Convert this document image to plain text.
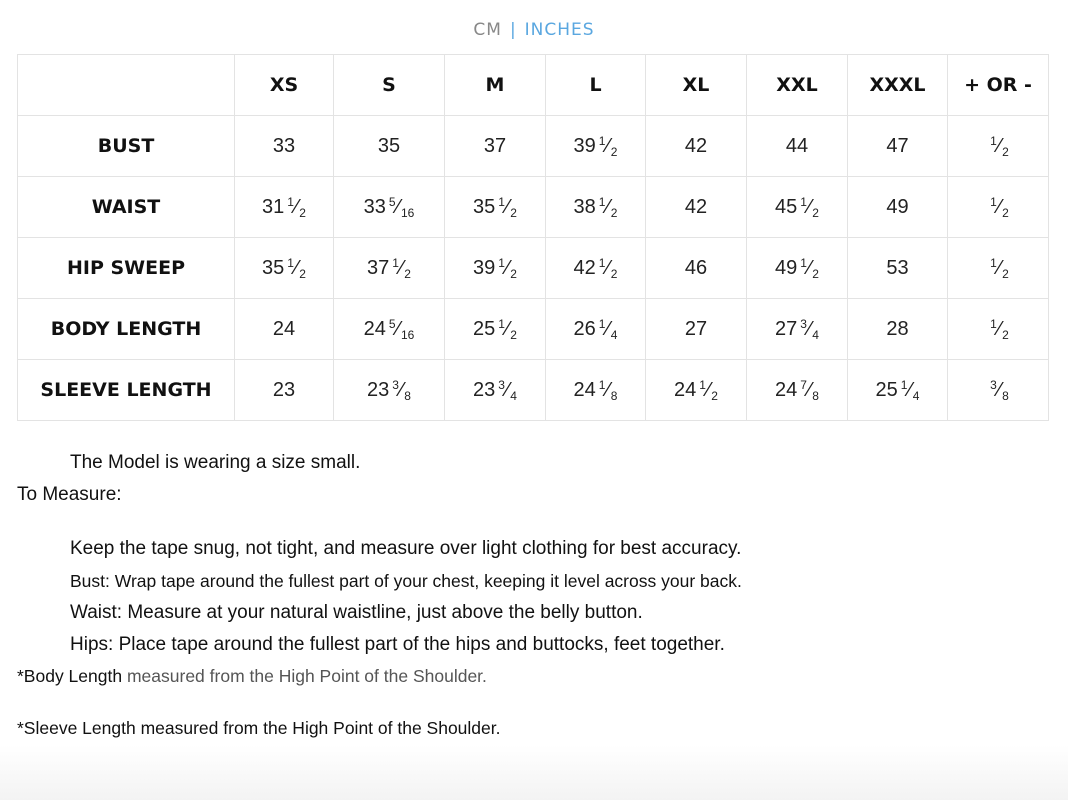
CM | INCHES
	XS	S	M	L	XL	XXL	XXXL	+ OR -
BUST	33	35	37	39 $^1⁄_2$	42	44	47	$^1⁄_2$
WAIST	31 $^1⁄_2$	33 $^5⁄_{16}$	35 $^1⁄_2$	38 $^1⁄_2$	42	45 $^1⁄_2$	49	$^1⁄_2$
HIP SWEEP	35 $^1⁄_2$	37 $^1⁄_2$	39 $^1⁄_2$	42 $^1⁄_2$	46	49 $^1⁄_2$	53	$^1⁄_2$
BODY LENGTH	24	24 $^5⁄_{16}$	25 $^1⁄_2$	26 $^1⁄_4$	27	27 $^3⁄_4$	28	$^1⁄_2$
SLEEVE LENGTH	23	23 $^3⁄_8$	23 $^3⁄_4$	24 $^1⁄_8$	24 $^1⁄_2$	24 $^7⁄_8$	25 $^1⁄_4$	$^3⁄_8$

The Model is wearing a size small.

To Measure:

Keep the tape snug, not tight, and measure over light clothing for best accuracy.

Bust: Wrap tape around the fullest part of your chest, keeping it level across your back.

Waist: Measure at your natural waistline, just above the belly button.

Hips: Place tape around the fullest part of the hips and buttocks, feet together.

*Body Length measured from the High Point of the Shoulder.

*Sleeve Length measured from the High Point of the Shoulder.
